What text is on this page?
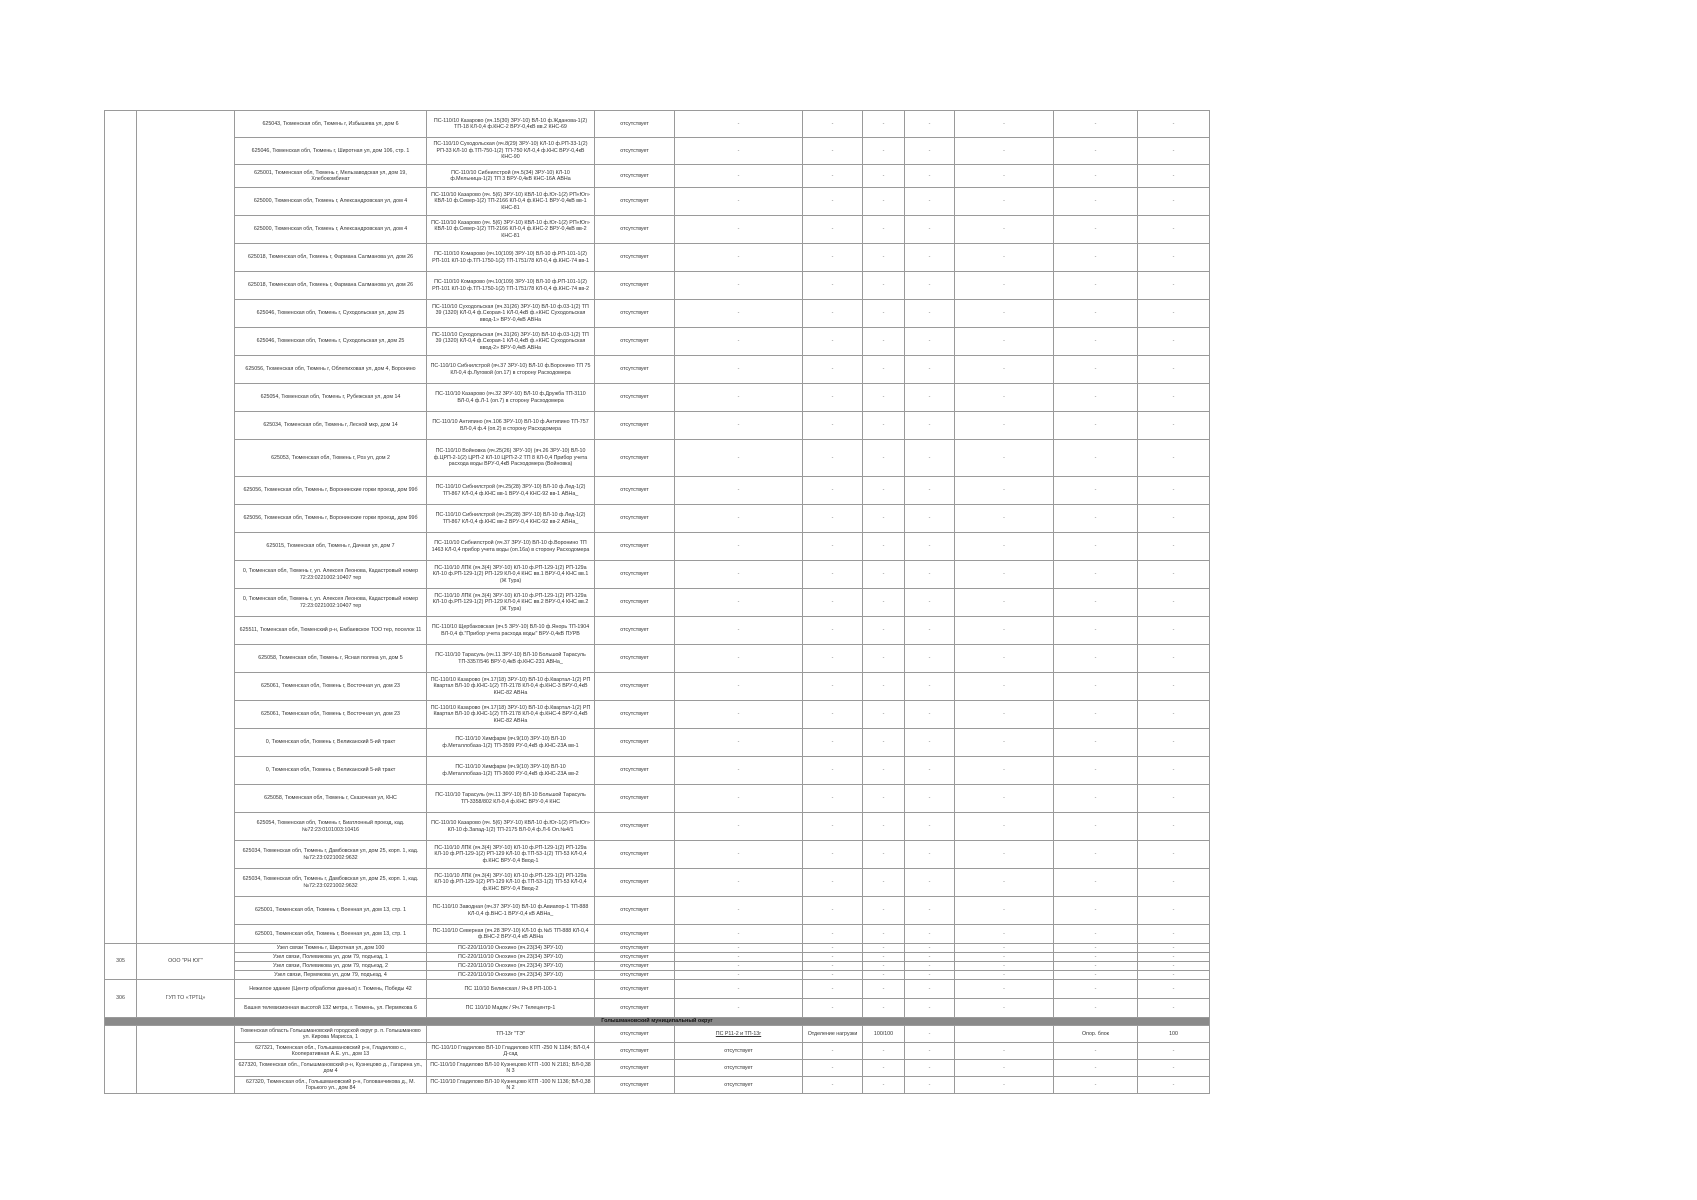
		625043, Тюменская обл, Тюмень г, Избышева ул, дом 6	ПС-110/10 Казарово (яч.15(30) ЗРУ-10) ВЛ-10 ф.Жданова-1(2) ТП-18 КЛ-0,4 ф.КНС-2 ВРУ-0,4кВ вв.2 КНС-69	отсутствует	-	-	-	-	-	-	-
		625046, Тюменская обл, Тюмень г, Широтная ул, дом 106, стр. 1	ПС-110/10 Суходольская (яч.8(29) ЗРУ-10) КЛ-10 ф.РП-33-1(2) РП-33 КЛ-10 ф.ТП-750-1(2) ТП-750 КЛ-0,4 ф.КНС ВРУ-0,4кВ КНС-90	отсутствует	-	-	-	-	-	-	-
		625001, Тюменская обл, Тюмень г, Мельзаводская ул, дом 19, Хлебокомбинат	ПС-110/10 Сибнилстрой (яч.5(34) ЗРУ-10) КЛ-10 ф.Мельница-1(2) ТП 3 ВРУ-0,4кВ КНС-16А АВНа	отсутствует	-	-	-	-	-	-	-
		625000, Тюменская обл, Тюмень г, Александровская ул, дом 4	ПС-110/10 Казарово (яч. 5(6) ЗРУ-10) КВЛ-10 ф.Юг-1(2) РП«Юг» КВЛ-10 ф.Север-1(2) ТП-2166 КЛ-0,4 ф.КНС-1 ВРУ-0,4кВ вв-1 КНС-81	отсутствует	-	-	-	-	-	-	-
		625000, Тюменская обл, Тюмень г, Александровская ул, дом 4	ПС-110/10 Казарово (яч. 5(6) ЗРУ-10) КВЛ-10 ф.Юг-1(2) РП«Юг» КВЛ-10 ф.Север-1(2) ТП-2166 КЛ-0,4 ф.КНС-2 ВРУ-0,4кВ вв-2 КНС-81	отсутствует	-	-	-	-	-	-	-
		625018, Тюменская обл, Тюмень г, Фармана Салманова ул, дом 26	ПС-110/10 Комарово (яч.10(109) ЗРУ-10) ВЛ-10 ф.РП-101-1(2) РП-101 КЛ-10 ф.ТП-1750-1(2) ТП-1751/78 КЛ-0,4 ф.КНС-74 вв-1	отсутствует	-	-	-	-	-	-	-
		625018, Тюменская обл, Тюмень г, Фармана Салманова ул, дом 26	ПС-110/10 Комарово (яч.10(109) ЗРУ-10) ВЛ-10 ф.РП-101-1(2) РП-101 КЛ-10 ф.ТП-1750-1(2) ТП-1751/78 КЛ-0,4 ф.КНС-74 вв-2	отсутствует	-	-	-	-	-	-	-
		625046, Тюменская обл, Тюмень г, Суходольская ул, дом 25	ПС-110/10 Суходольская (яч.31(26) ЗРУ-10) ВЛ-10 ф.03-1(2) ТП 39 (1320) КЛ-0,4 ф.Скорая-1 КЛ-0,4кВ ф.«КНС Суходольская ввод-1» ВРУ-0,4кВ АВНа	отсутствует	-	-	-	-	-	-	-
		625046, Тюменская обл, Тюмень г, Суходольская ул, дом 25	ПС-110/10 Суходольская (яч.31(26) ЗРУ-10) ВЛ-10 ф.03-1(2) ТП 39 (1320) КЛ-0,4 ф.Скорая-1 КЛ-0,4кВ ф.«КНС Суходольская ввод-2» ВРУ-0,4кВ АВНа	отсутствует	-	-	-	-	-	-	-
		625056, Тюменская обл, Тюмень г, Облепиховая ул, дом 4, Воронино	ПС-110/10 Сибнилстрой (яч.37 ЗРУ-10) ВЛ-10 ф.Воронино ТП 75 КЛ-0,4 ф.Луговой (оп.17) в сторону Расходомера	отсутствует	-	-	-	-	-	-	-
		625054, Тюменская обл, Тюмень г, Рубежская ул, дом 14	ПС-110/10 Казарово (яч.32 ЗРУ-10) ВЛ-10 ф.Дружба ТП-3110 ВЛ-0,4 ф.Л-1 (оп.7) в сторону Расходомера	отсутствует	-	-	-	-	-	-	-
		625034, Тюменская обл, Тюмень г, Лесной мкр, дом 14	ПС-110/10 Антипино (яч.106 ЗРУ-10) ВЛ-10 ф.Антипино ТП-757 ВЛ-0,4 ф.4 (оп.2) в сторону Расходомера	отсутствует	-	-	-	-	-	-	-
		625053, Тюменская обл, Тюмень г, Роз ул, дом 2	ПС-110/10 Войновка (яч.25(26) ЗРУ-10) (яч.26 ЗРУ-10) ВЛ-10 ф.ЦРП-2-1(2) ЦРП-2 КЛ-10 ЦРП-2-2 ТП 8 КЛ-0,4 Прибор учета расхода воды ВРУ-0,4кВ Расходомера (Войновка)	отсутствует	-	-	-	-	-	-	-
		625056, Тюменская обл, Тюмень г, Воронинские горки проезд, дом 99б	ПС-110/10 Сибнилстрой (яч.25(28) ЗРУ-10) ВЛ-10 ф.Лед-1(2) ТП-867 КЛ-0,4 ф.КНС вв-1 ВРУ-0,4 КНС-92 вв-1 АВНа_	отсутствует	-	-	-	-	-	-	-
		625056, Тюменская обл, Тюмень г, Воронинские горки проезд, дом 99б	ПС-110/10 Сибнилстрой (яч.25(28) ЗРУ-10) ВЛ-10 ф.Лед-1(2) ТП-867 КЛ-0,4 ф.КНС вв-2 ВРУ-0,4 КНС-92 вв-2 АВНа_	отсутствует	-	-	-	-	-	-	-
		625015, Тюменская обл, Тюмень г, Дачная ул, дом 7	ПС-110/10 Сибнилстрой (яч.37 ЗРУ-10) ВЛ-10 ф.Воронино ТП 1463 КЛ-0,4 прибор учета воды (оп.16а) в сторону Расходомера	отсутствует	-	-	-	-	-	-	-
		0, Тюменская обл, Тюмень г, ул. Алексея Леонова, Кадастровый номер 72:23:0221002:10407 тер	ПС-110/10 ЛПК (яч.3(4) ЗРУ-10) КЛ-10 ф.РП-129-1(2) РП-129а КЛ-10 ф.РП-129-1(2) РП-129 КЛ-0,4 КНС вв.1 ВРУ-0,4 КНС вв.1 (Ж Тура)	отсутствует	-	-	-	-	-	-	-
		0, Тюменская обл, Тюмень г, ул. Алексея Леонова, Кадастровый номер 72:23:0221002:10407 тер	ПС-110/10 ЛПК (яч.3(4) ЗРУ-10) КЛ-10 ф.РП-129-1(2) РП-129а КЛ-10 ф.РП-129-1(2) РП-129 КЛ-0,4 КНС вв.2 ВРУ-0,4 КНС вв.2 (Ж Тура)	отсутствует	-	-	-	-	-	-	-
		625511, Тюменская обл, Тюменский р-н, Ембаевское ТОО тер, поселок 11	ПС-110/10 Щербаковская (яч.5 ЗРУ-10) ВЛ-10 ф.Янорь ТП-1904 ВЛ-0,4 ф."Прибор учета расхода воды" ВРУ-0,4кВ ПУРВ	отсутствует	-	-	-	-	-	-	-
		625058, Тюменская обл, Тюмень г, Ясная поляна ул, дом 5	ПС-110/10 Тарасуль (яч.11 ЗРУ-10) ВЛ-10 Большой Тарасуль ТП-3357/546 ВРУ-0,4кВ ф.КНС-231 АВНа_	отсутствует	-	-	-	-	-	-	-
		625061, Тюменская обл, Тюмень г, Восточная ул, дом 23	ПС-110/10 Казарово (яч.17(18) ЗРУ-10) ВЛ-10 ф.Квартал-1(2) РП Квартал ВЛ-10 ф.КНС-1(2) ТП-2178 КЛ-0,4 ф.КНС-3 ВРУ-0,4кВ КНС-82 АВНа	отсутствует	-	-	-	-	-	-	-
		625061, Тюменская обл, Тюмень г, Восточная ул, дом 23	ПС-110/10 Казарово (яч.17(18) ЗРУ-10) ВЛ-10 ф.Квартал-1(2) РП Квартал ВЛ-10 ф.КНС-1(2) ТП-2178 КЛ-0,4 ф.КНС-4 ВРУ-0,4кВ КНС-82 АВНа	отсутствует	-	-	-	-	-	-	-
		0, Тюменская обл, Тюмень г, Великанский 5-ий тракт	ПС-110/10 Химфарм (яч.9(10) ЗРУ-10) ВЛ-10 ф.Металлобаза-1(2) ТП-3599 РУ-0,4кВ ф.КНС-23А вв-1	отсутствует	-	-	-	-	-	-	-
		0, Тюменская обл, Тюмень г, Великанский 5-ий тракт	ПС-110/10 Химфарм (яч.9(10) ЗРУ-10) ВЛ-10 ф.Металлобаза-1(2) ТП-3600 РУ-0,4кВ ф.КНС-23А вв-2	отсутствует	-	-	-	-	-	-	-
		625058, Тюменская обл, Тюмень г, Сказочная ул, КНС	ПС-110/10 Тарасуль (яч.11 ЗРУ-10) ВЛ-10 Большой Тарасуль ТП-3358/802 КЛ-0,4 ф.КНС ВРУ-0,4 КНС	отсутствует	-	-	-	-	-	-	-
		625054, Тюменская обл, Тюмень г, Биатлонный проезд, кад.№72:23:0101003:10416	ПС-110/10 Казарово (яч. 5(6) ЗРУ-10) КВЛ-10 ф.Юг-1(2) РП«Юг» КЛ-10 ф.Запад-1(2) ТП-2175 ВЛ-0,4 ф.Л-6 Оп.№4/1	отсутствует	-	-	-	-	-	-	-
		625034, Тюменская обл, Тюмень г, Дамбовская ул, дом 25, корп. 1, кад.№72:23:0221002:9632	ПС-110/10 ЛПК (яч.3(4) ЗРУ-10) КЛ-10 ф.РП-129-1(2) РП-129а КЛ-10 ф.РП-129-1(2) РП-129 КЛ-10 ф.ТП-53-1(2) ТП-53 КЛ-0,4 ф.КНС ВРУ-0,4 Ввод-1	отсутствует	-	-	-	-	-	-	-
		625034, Тюменская обл, Тюмень г, Дамбовская ул, дом 25, корп. 1, кад.№72:23:0221002:9632	ПС-110/10 ЛПК (яч.3(4) ЗРУ-10) КЛ-10 ф.РП-129-1(2) РП-129а КЛ-10 ф.РП-129-1(2) РП-129 КЛ-10 ф.ТП-53-1(2) ТП-53 КЛ-0,4 ф.КНС ВРУ-0,4 Ввод-2	отсутствует	-	-	-	-	-	-	-
		625001, Тюменская обл, Тюмень г, Военная ул, дом 13, стр. 1	ПС-110/10 Заводная (яч.37 ЗРУ-10) ВЛ-10 ф.Авиапор-1 ТП-888 КЛ-0,4 ф.ВНС-1 ВРУ-0,4 кВ АВНа_	отсутствует	-	-	-	-	-	-	-
		625001, Тюменская обл, Тюмень г, Военная ул, дом 13, стр. 1	ПС-110/10 Северная (яч.28 ЗРУ-10) КЛ-10 ф.№5 ТП-888 КЛ-0,4 ф.ВНС-2 ВРУ-0,4 кВ АВНа	отсутствует	-	-	-	-	-	-	-
305	ООО "РН ЮГ"	Узел связи Тюмень г, Широтная ул, дом 100	ПС-220/110/10 Онохино (яч.23(34) ЗРУ-10)	отсутствует	-	-	-	-	-	-	-
		Узел связи, Полевикова ул, дом 79, подъезд, 1	ПС-220/110/10 Онохино (яч.23(34) ЗРУ-10)	отсутствует	-	-	-	-	-	-	-
		Узел связи, Полевикова ул, дом 79, подъезд, 2	ПС-220/110/10 Онохино (яч.23(34) ЗРУ-10)	отсутствует	-	-	-	-	-	-	-
		Узел связи, Пермякова ул, дом 79, подъезд, 4	ПС-220/110/10 Онохино (яч.23(34) ЗРУ-10)	отсутствует	-	-	-	-	-	-	-
306	ГУП ТО «ТРТЦ»	Нежилое здание (Центр обработки данных) г. Тюмень, Победы 42	ПС 110/10 Белинская / Яч.8 РП-100-1	отсутствует	-	-	-	-	-	-	-
		Башня телевизионная высотой 132 метра, г. Тюмень, ул. Пермякова 6	ПС 110/10 Мадяк / Яч.7 Телецентр-1	отсутствует	-	-	-	-	-	-	-
Голышмановский муниципальный округ											
		Тюменская область Голышмановский городской округ р. п. Голышманово ул. Кирова Марисса, 1	ТП-13г "ТЭ"	отсутствует	ПС Р11-2 и ТП-13г	Отделение нагрузки	100/100	-		Опор. блок	100
		627321, Тюменская обл., Голышмановский р-н, Гладилово с., Кооперативная А.Е. ул., дом 13	ПС-110/10 Гладилово ВЛ-10 Гладилово КТП -250 N 1184; ВЛ-0,4 Д-сад	отсутствует	отсутствует	-	-	-	-	-	-
		627320, Тюменская обл., Голышмановский р-н, Кузнецово д., Гагарина ул., дом 4	ПС-110/10 Гладилово ВЛ-10 Кузнецово КТП -100 N 2181; ВЛ-0,38 N 3	отсутствует	отсутствует	-	-	-	-	-	-
		627320, Тюменская обл., Голышмановский р-н, Голованчикова д., М. Горького ул., дом 84	ПС-110/10 Гладилово ВЛ-10 Кузнецово КТП -100 N 1136; ВЛ-0,38 N 2	отсутствует	отсутствует	-	-	-	-	-	-
